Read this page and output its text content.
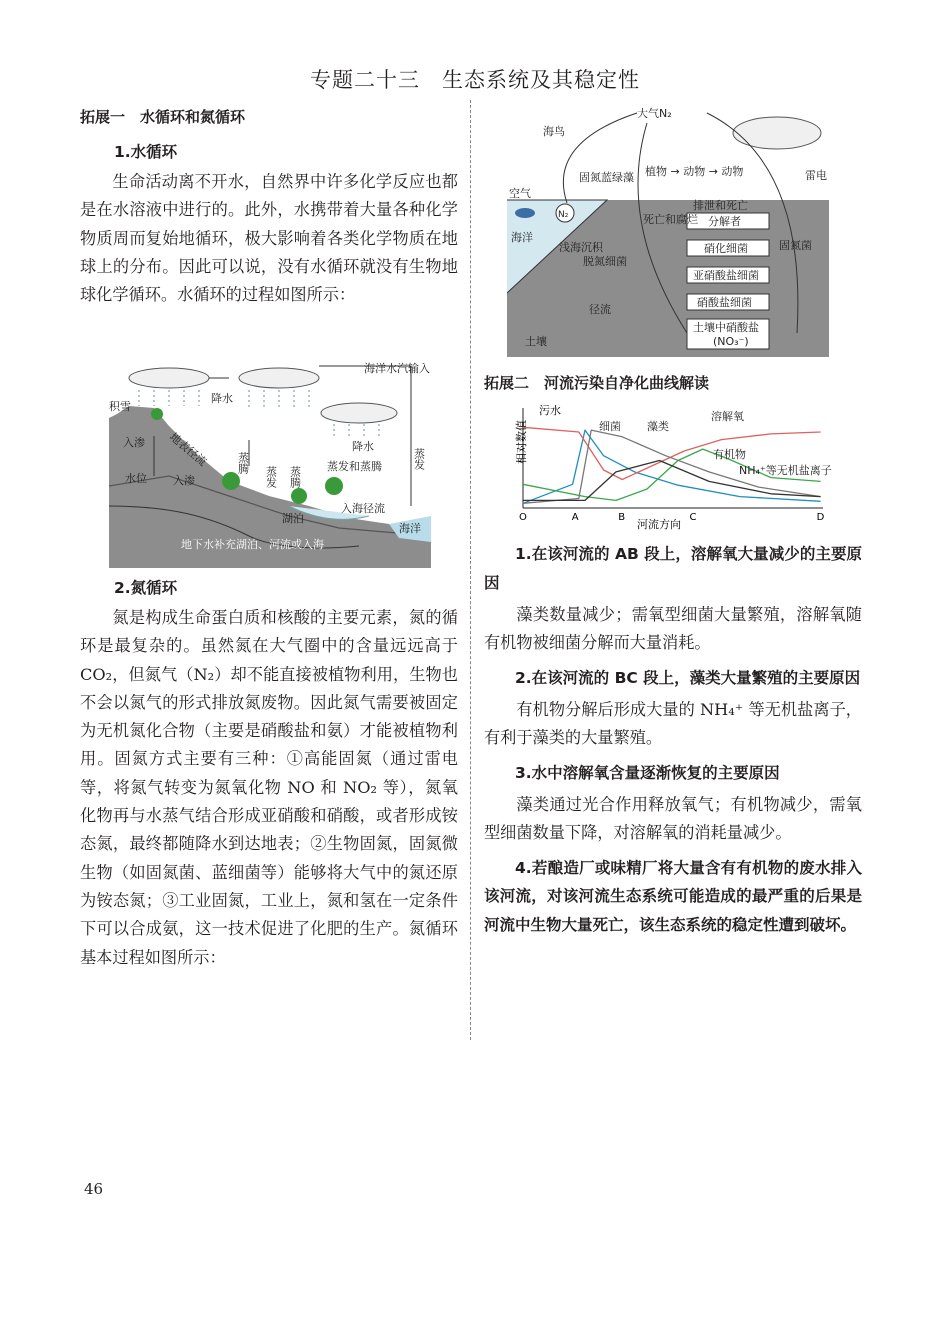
专题二十三　生态系统及其稳定性
拓展一　水循环和氮循环
1.水循环

生命活动离不开水，自然界中许多化学反应也都是在水溶液中进行的。此外，水携带着大量各种化学物质周而复始地循环，极大影响着各类化学物质在地球上的分布。因此可以说，没有水循环就没有生物地球化学循环。水循环的过程如图所示：

海洋水汽输入
降水
积雪
降水
蒸发
入渗 地表径流 蒸腾
蒸发 蒸腾 蒸发和蒸腾
水位 入渗
湖泊
入海径流
海洋
地下水补充湖泊、河流或入海
2.氮循环

氮是构成生命蛋白质和核酸的主要元素，氮的循环是最复杂的。虽然氮在大气圈中的含量远远高于 CO₂，但氮气（N₂）却不能直接被植物利用，生物也不会以氮气的形式排放氮废物。因此氮气需要被固定为无机氮化合物（主要是硝酸盐和氨）才能被植物利用。固氮方式主要有三种：①高能固氮（通过雷电等，将氮气转变为氮氧化物 NO 和 NO₂ 等），氮氧化物再与水蒸气结合形成亚硝酸和硝酸，或者形成铵态氮，最终都随降水到达地表；②生物固氮，固氮微生物（如固氮菌、蓝细菌等）能够将大气中的氮还原为铵态氮；③工业固氮，工业上，氮和氢在一定条件下可以合成氨，这一技术促进了化肥的生产。氮循环基本过程如图所示：

大气N₂
海鸟
固氮蓝绿藻 植物 → 动物 → 动物	雷电
空气
海洋
N₂
浅海沉积
脱氮细菌
死亡和腐烂
排泄和死亡
分解者
硝化细菌
亚硝酸盐细菌
硝酸盐细菌
土壤中硝酸盐
(NO₃⁻)
固氮菌
径流
土壤
拓展二　河流污染自净化曲线解读
相对数值
河流方向
污水
O	A	B	C	D
细菌 藻类
溶解氧
有机物
NH₄⁺等无机盐离子

1.在该河流的 AB 段上，溶解氧大量减少的主要原因

藻类数量减少；需氧型细菌大量繁殖，溶解氧随有机物被细菌分解而大量消耗。

2.在该河流的 BC 段上，藻类大量繁殖的主要原因

有机物分解后形成大量的 NH₄⁺ 等无机盐离子，有利于藻类的大量繁殖。

3.水中溶解氧含量逐渐恢复的主要原因

藻类通过光合作用释放氧气；有机物减少，需氧型细菌数量下降，对溶解氧的消耗量减少。

4.若酿造厂或味精厂将大量含有有机物的废水排入该河流，对该河流生态系统可能造成的最严重的后果是河流中生物大量死亡，该生态系统的稳定性遭到破坏。

46
